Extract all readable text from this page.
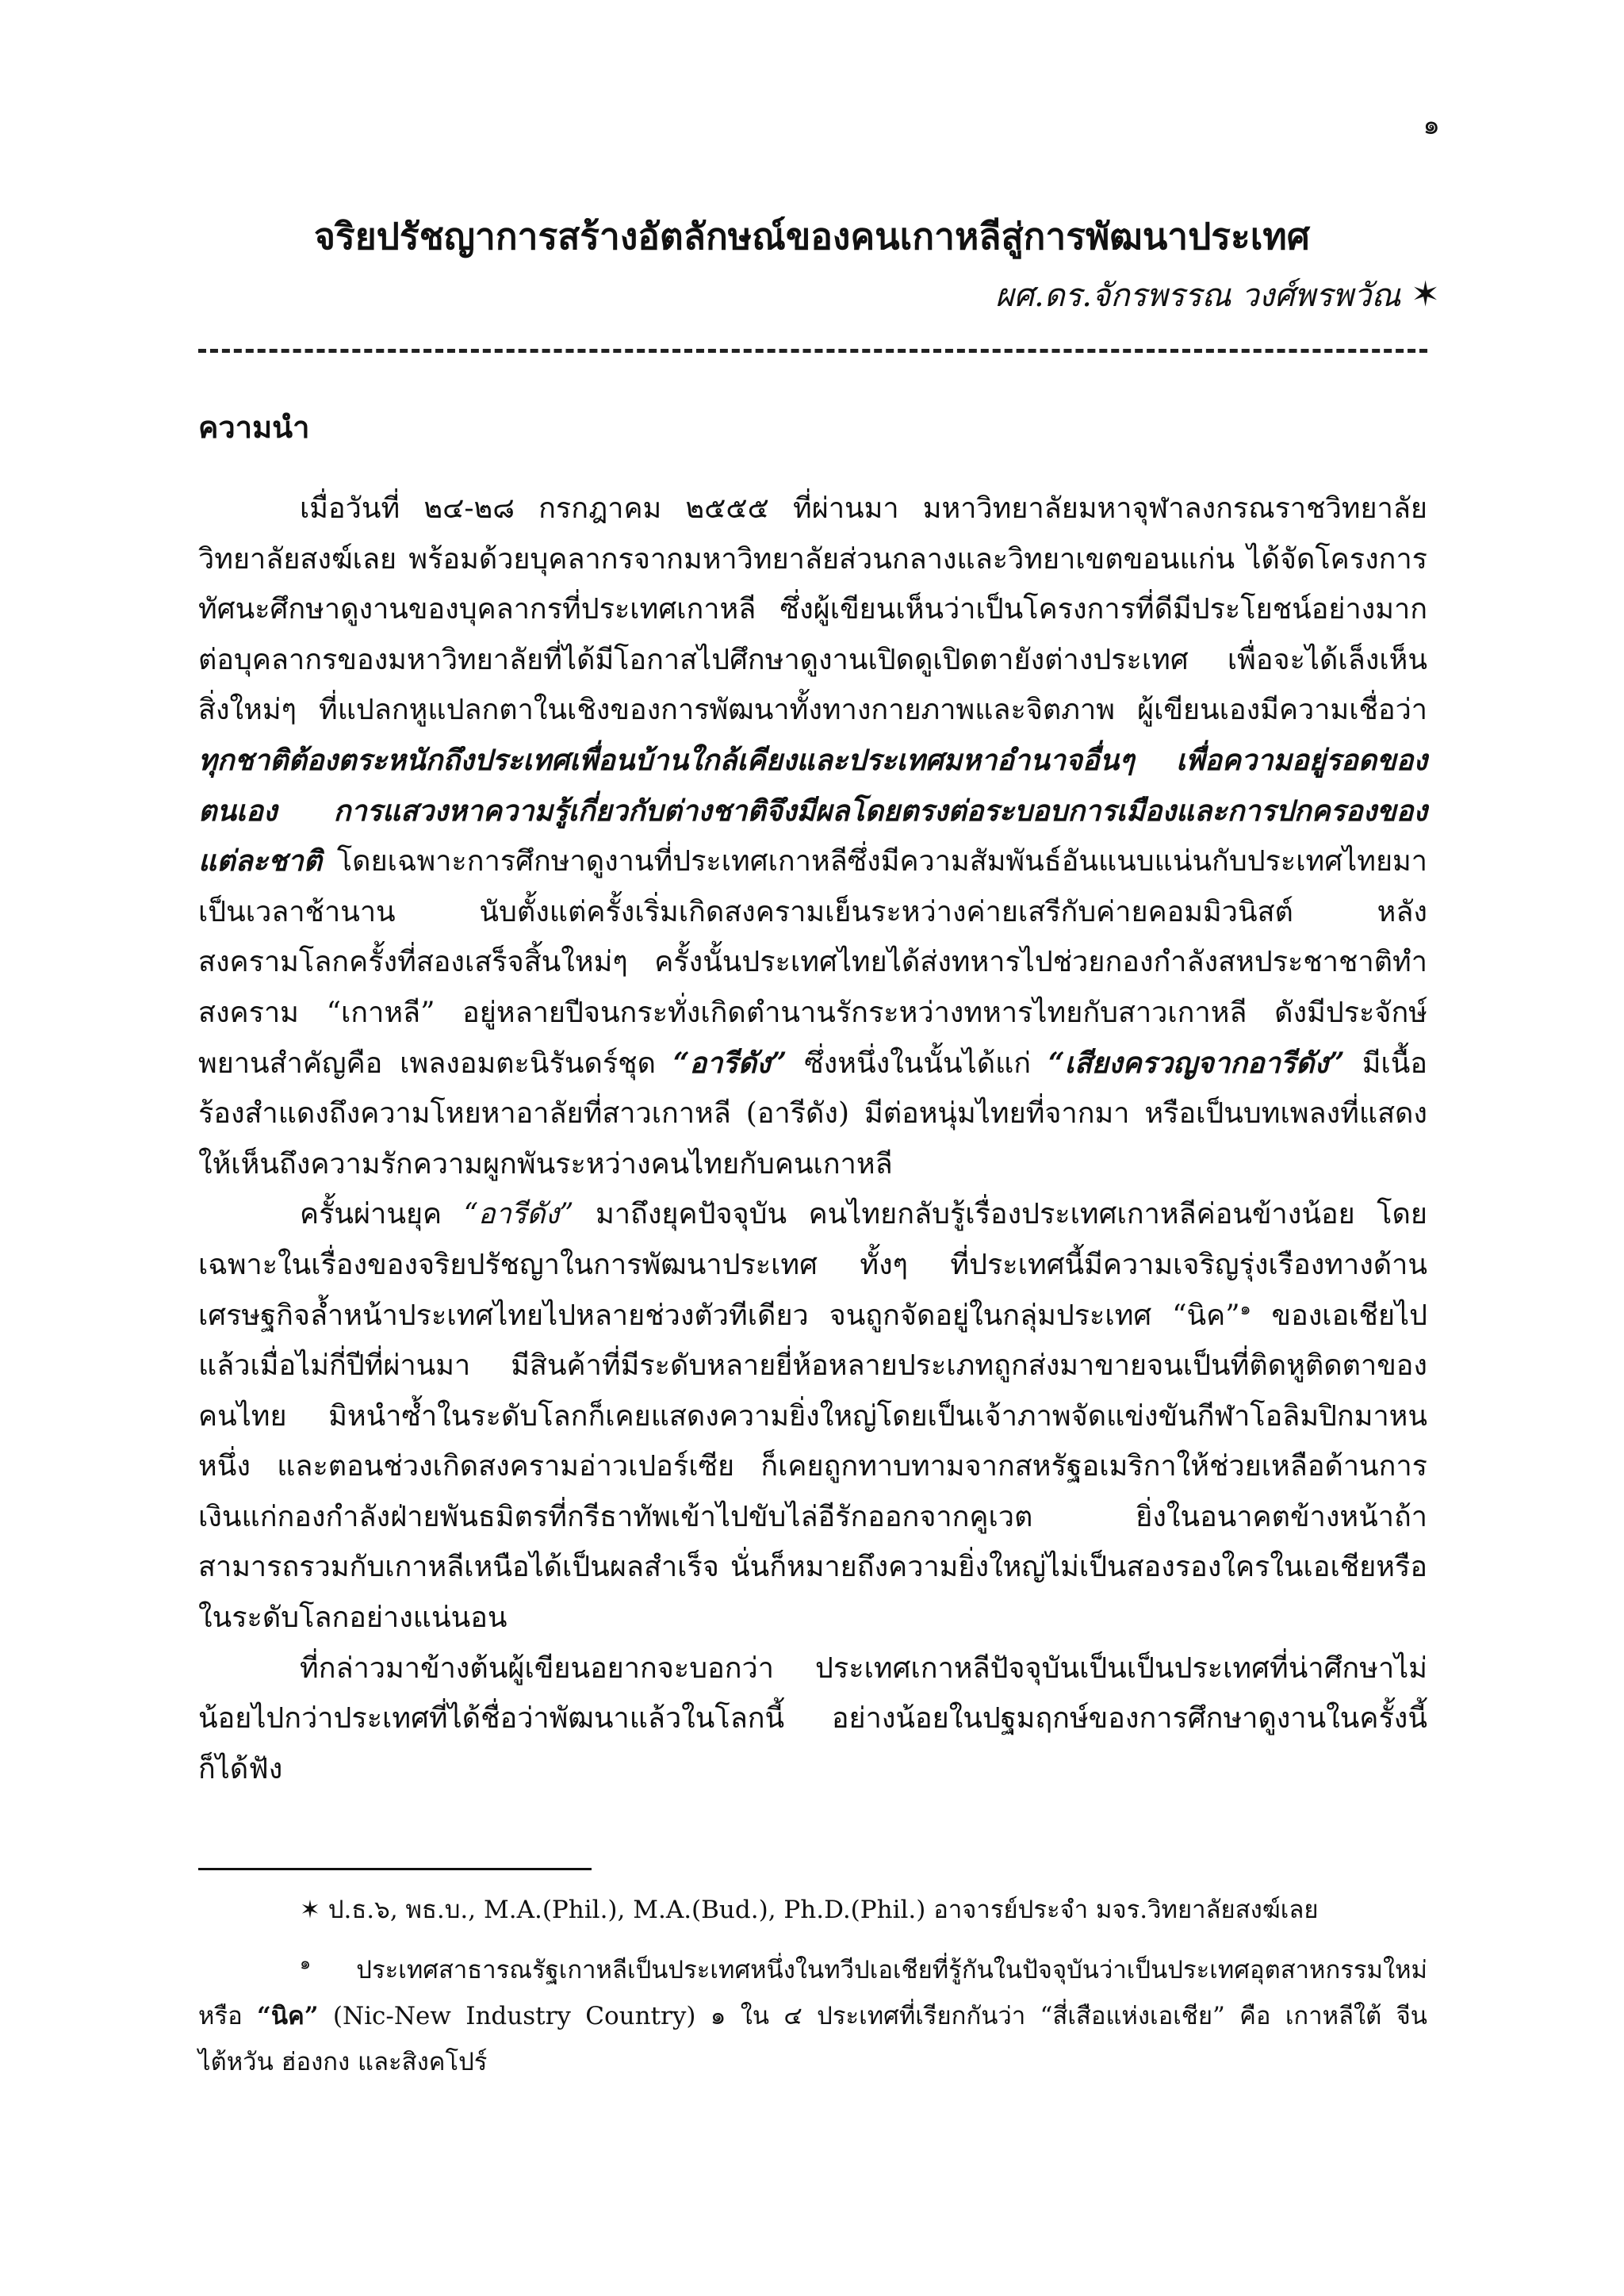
๑
จริยปรัชญาการสร้างอัตลักษณ์ของคนเกาหลีสู่การพัฒนาประเทศ
ผศ.ดร.จักรพรรณ วงศ์พรพวัณ ✶
ความนำ

เมื่อวันที่ ๒๔-๒๘ กรกฎาคม ๒๕๕๕ ที่ผ่านมา มหาวิทยาลัยมหาจุฬาลงกรณราชวิทยาลัย วิทยาลัยสงฆ์เลย พร้อมด้วยบุคลากรจากมหาวิทยาลัยส่วนกลางและวิทยาเขตขอนแก่น ได้จัดโครงการทัศนะศึกษาดูงานของบุคลากรที่ประเทศเกาหลี ซึ่งผู้เขียนเห็นว่าเป็นโครงการที่ดีมีประโยชน์อย่างมากต่อบุคลากรของมหาวิทยาลัยที่ได้มีโอกาสไปศึกษาดูงานเปิดดูเปิดตายังต่างประเทศ เพื่อจะได้เล็งเห็นสิ่งใหม่ๆ ที่แปลกหูแปลกตาในเชิงของการพัฒนาทั้งทางกายภาพและจิตภาพ ผู้เขียนเองมีความเชื่อว่าทุกชาติต้องตระหนักถึงประเทศเพื่อนบ้านใกล้เคียงและประเทศมหาอำนาจอื่นๆ เพื่อความอยู่รอดของตนเอง การแสวงหาความรู้เกี่ยวกับต่างชาติจึงมีผลโดยตรงต่อระบอบการเมืองและการปกครองของแต่ละชาติ โดยเฉพาะการศึกษาดูงานที่ประเทศเกาหลีซึ่งมีความสัมพันธ์อันแนบแน่นกับประเทศไทยมาเป็นเวลาช้านาน นับตั้งแต่ครั้งเริ่มเกิดสงครามเย็นระหว่างค่ายเสรีกับค่ายคอมมิวนิสต์ หลังสงครามโลกครั้งที่สองเสร็จสิ้นใหม่ๆ ครั้งนั้นประเทศไทยได้ส่งทหารไปช่วยกองกำลังสหประชาชาติทำสงคราม “เกาหลี” อยู่หลายปีจนกระทั่งเกิดตำนานรักระหว่างทหารไทยกับสาวเกาหลี ดังมีประจักษ์พยานสำคัญคือ เพลงอมตะนิรันดร์ชุด “อารีดัง” ซึ่งหนึ่งในนั้นได้แก่ “เสียงครวญจากอารีดัง” มีเนื้อร้องสำแดงถึงความโหยหาอาลัยที่สาวเกาหลี (อารีดัง) มีต่อหนุ่มไทยที่จากมา หรือเป็นบทเพลงที่แสดงให้เห็นถึงความรักความผูกพันระหว่างคนไทยกับคนเกาหลี

ครั้นผ่านยุค “อารีดัง” มาถึงยุคปัจจุบัน คนไทยกลับรู้เรื่องประเทศเกาหลีค่อนข้างน้อย โดยเฉพาะในเรื่องของจริยปรัชญาในการพัฒนาประเทศ ทั้งๆ ที่ประเทศนี้มีความเจริญรุ่งเรืองทางด้านเศรษฐกิจล้ำหน้าประเทศไทยไปหลายช่วงตัวทีเดียว จนถูกจัดอยู่ในกลุ่มประเทศ “นิค”$^๑$ ของเอเชียไปแล้วเมื่อไม่กี่ปีที่ผ่านมา มีสินค้าที่มีระดับหลายยี่ห้อหลายประเภทถูกส่งมาขายจนเป็นที่ติดหูติดตาของคนไทย มิหนำซ้ำในระดับโลกก็เคยแสดงความยิ่งใหญ่โดยเป็นเจ้าภาพจัดแข่งขันกีฬาโอลิมปิกมาหนหนึ่ง และตอนช่วงเกิดสงครามอ่าวเปอร์เซีย ก็เคยถูกทาบทามจากสหรัฐอเมริกาให้ช่วยเหลือด้านการเงินแก่กองกำลังฝ่ายพันธมิตรที่กรีธาทัพเข้าไปขับไล่อีรักออกจากคูเวต ยิ่งในอนาคตข้างหน้าถ้าสามารถรวมกับเกาหลีเหนือได้เป็นผลสำเร็จ นั่นก็หมายถึงความยิ่งใหญ่ไม่เป็นสองรองใครในเอเชียหรือในระดับโลกอย่างแน่นอน

ที่กล่าวมาข้างต้นผู้เขียนอยากจะบอกว่า ประเทศเกาหลีปัจจุบันเป็นเป็นประเทศที่น่าศึกษาไม่น้อยไปกว่าประเทศที่ได้ชื่อว่าพัฒนาแล้วในโลกนี้ อย่างน้อยในปฐมฤกษ์ของการศึกษาดูงานในครั้งนี้ก็ได้ฟัง

✶ ป.ธ.๖, พธ.บ., M.A.(Phil.), M.A.(Bud.), Ph.D.(Phil.) อาจารย์ประจำ มจร.วิทยาลัยสงฆ์เลย

$^๑$ ประเทศสาธารณรัฐเกาหลีเป็นประเทศหนึ่งในทวีปเอเชียที่รู้กันในปัจจุบันว่าเป็นประเทศอุตสาหกรรมใหม่ หรือ “นิค” (Nic-New Industry Country) ๑ ใน ๔ ประเทศที่เรียกกันว่า “สี่เสือแห่งเอเชีย” คือ เกาหลีใต้ จีน ไต้หวัน ฮ่องกง และสิงคโปร์
